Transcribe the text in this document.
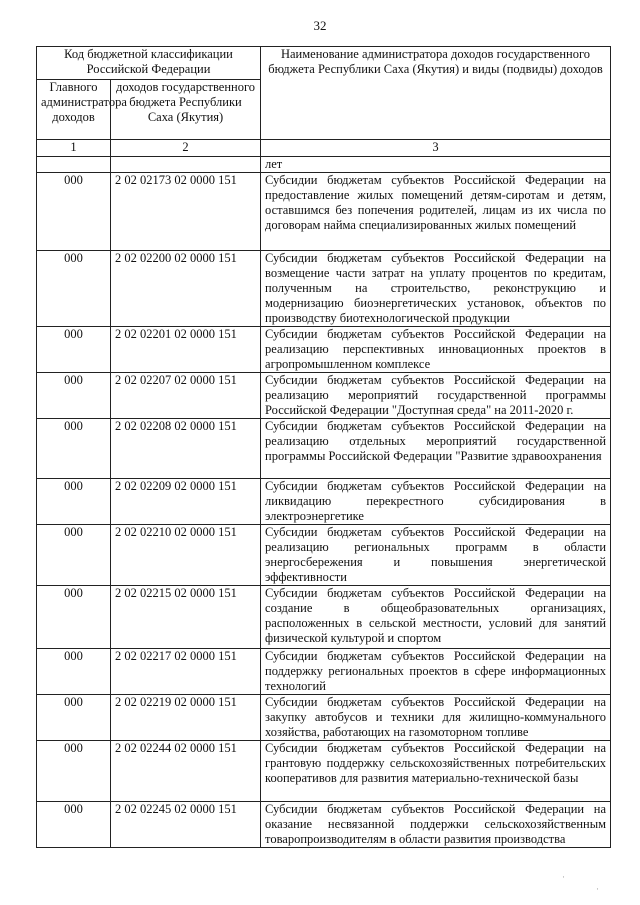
32
Код бюджетной классификации Российской Федерации		Наименование администратора доходов государственного бюджета Республики Саха (Якутия) и виды (подвиды) доходов
Главного администратора доходов	доходов государственного бюджета Республики Саха (Якутия)	
1	2	3
		лет
000	2 02 02173 02 0000 151	Субсидии бюджетам субъектов Российской Федерации на предоставление жилых помещений детям-сиротам и детям, оставшимся без попечения родителей, лицам из их числа по договорам найма специализированных жилых помещений
000	2 02 02200 02 0000 151	Субсидии бюджетам субъектов Российской Федерации на возмещение части затрат на уплату процентов по кредитам, полученным на строительство, реконструкцию и модернизацию биоэнергетических установок, объектов по производству биотехнологической продукции
000	2 02 02201 02 0000 151	Субсидии бюджетам субъектов Российской Федерации на реализацию перспективных инновационных проектов в агропромышленном комплексе
000	2 02 02207 02 0000 151	Субсидии бюджетам субъектов Российской Федерации на реализацию мероприятий государственной программы Российской Федерации "Доступная среда" на 2011-2020 г.
000	2 02 02208 02 0000 151	Субсидии бюджетам субъектов Российской Федерации на реализацию отдельных мероприятий государственной программы Российской Федерации "Развитие здравоохранения
000	2 02 02209 02 0000 151	Субсидии бюджетам субъектов Российской Федерации на ликвидацию перекрестного субсидирования в электроэнергетике
000	2 02 02210 02 0000 151	Субсидии бюджетам субъектов Российской Федерации на реализацию региональных программ в области энергосбережения и повышения энергетической эффективности
000	2 02 02215 02 0000 151	Субсидии бюджетам субъектов Российской Федерации на создание в общеобразовательных организациях, расположенных в сельской местности, условий для занятий физической культурой и спортом
000	2 02 02217 02 0000 151	Субсидии бюджетам субъектов Российской Федерации на поддержку региональных проектов в сфере информационных технологий
000	2 02 02219 02 0000 151	Субсидии бюджетам субъектов Российской Федерации на закупку автобусов и техники для жилищно-коммунального хозяйства, работающих на газомоторном топливе
000	2 02 02244 02 0000 151	Субсидии бюджетам субъектов Российской Федерации на грантовую поддержку сельскохозяйственных потребительских кооперативов для развития материально-технической базы
000	2 02 02245 02 0000 151	Субсидии бюджетам субъектов Российской Федерации на оказание несвязанной поддержки сельскохозяйственным товаропроизводителям в области развития производства
·
·
